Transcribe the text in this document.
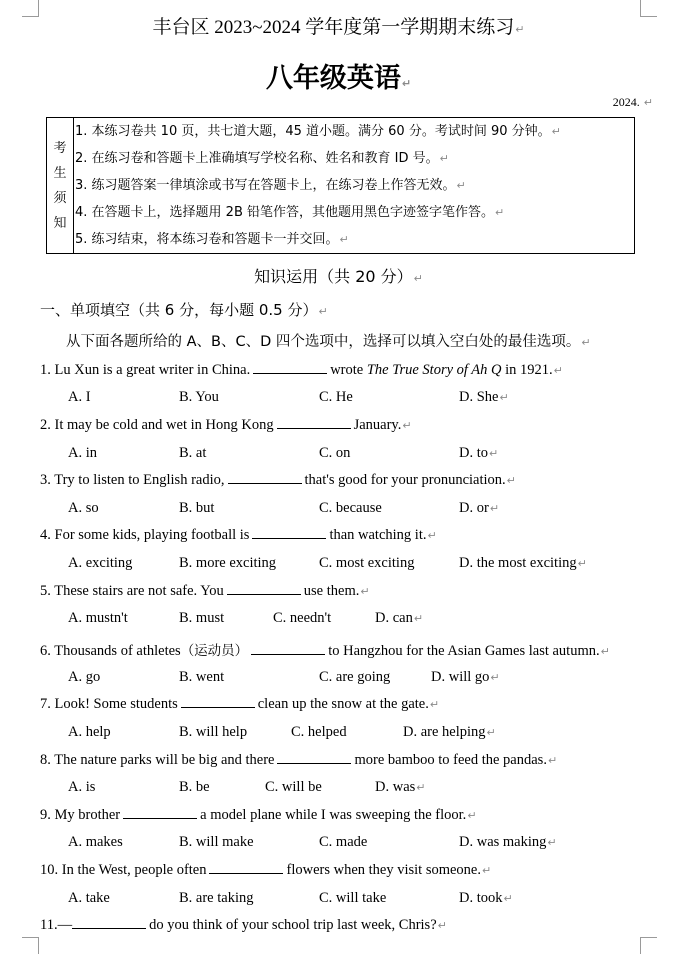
丰台区 2023~2024 学年度第一学期期末练习↵
八年级英语↵
2024. ↵
考
生
须
知

1. 本练习卷共 10 页，共七道大题，45 道小题。满分 60 分。考试时间 90 分钟。↵
2. 在练习卷和答题卡上准确填写学校名称、姓名和教育 ID 号。↵
3. 练习题答案一律填涂或书写在答题卡上，在练习卷上作答无效。↵
4. 在答题卡上，选择题用 2B 铅笔作答，其他题用黑色字迹签字笔作答。↵
5. 练习结束，将本练习卷和答题卡一并交回。↵
知识运用（共 20 分）↵
一、单项填空（共 6 分，每小题 0.5 分）↵
从下面各题所给的 A、B、C、D 四个选项中，选择可以填入空白处的最佳选项。↵
1. Lu Xun is a great writer in China.	wrote The True Story of Ah Q in 1921.↵
A. I	B. You	C. He	D. She↵
2. It may be cold and wet in Hong Kong	January.↵
A. in	B. at	C. on	D. to↵
3. Try to listen to English radio,	that's good for your pronunciation.↵
A. so	B. but	C. because	D. or↵
4. For some kids, playing football is	than watching it.↵
A. exciting	B. more exciting	C. most exciting	D. the most exciting↵
5. These stairs are not safe. You	use them.↵
A. mustn't	B. must	C. needn't	D. can↵
6. Thousands of athletes（运动员）	to Hangzhou for the Asian Games last autumn.↵
A. go	B. went	C. are going	D. will go↵
7. Look! Some students	clean up the snow at the gate.↵
A. help	B. will help	C. helped	D. are helping↵
8. The nature parks will be big and there	more bamboo to feed the pandas.↵
A. is	B. be	C. will be	D. was↵
9. My brother	a model plane while I was sweeping the floor.↵
A. makes	B. will make	C. made	D. was making↵
10. In the West, people often	flowers when they visit someone.↵
A. take	B. are taking	C. will take	D. took↵
11.—	do you think of your school trip last week, Chris?↵
